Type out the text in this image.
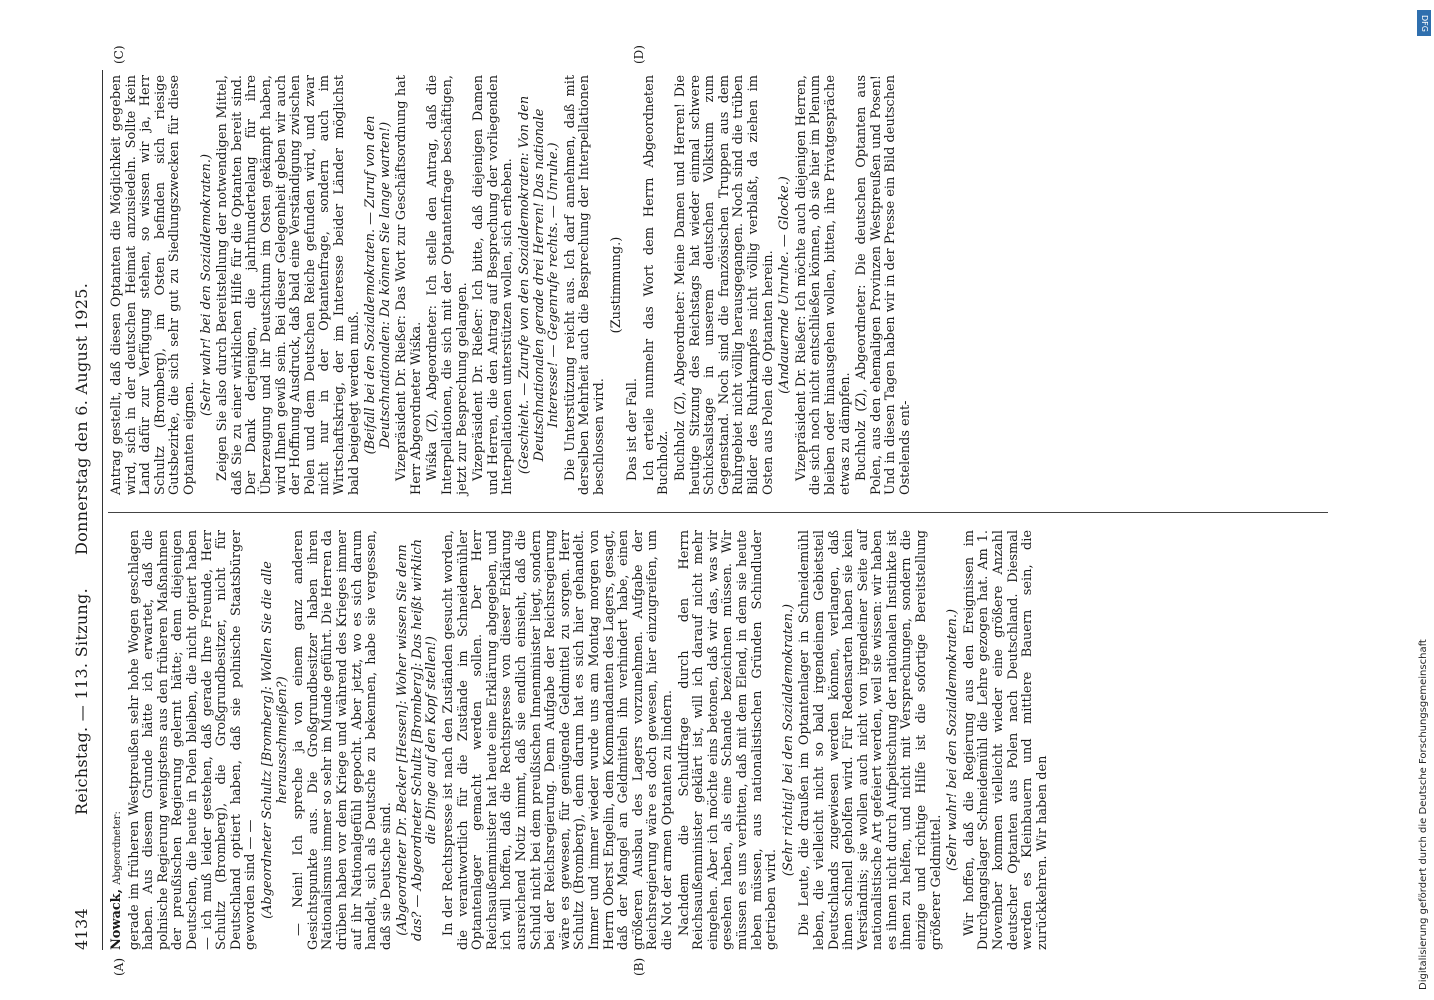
4134
Reichstag. — 113. Sitzung.
Donnerstag den 6. August 1925.
(A)	(B)
(C)	(D)

Nowack, Abgeordneter: gerade im früheren Westpreußen sehr hohe Wogen geschlagen haben. Aus diesem Grunde hätte ich erwartet, daß die polnische Regierung wenigstens aus den früheren Maßnahmen der preußischen Regierung gelernt hätte; denn diejenigen Deutschen, die heute in Polen bleiben, die nicht optiert haben — ich muß leider gestehen, daß gerade Ihre Freunde, Herr Schultz (Bromberg), die Großgrundbesitzer, nicht für Deutschland optiert haben, daß sie polnische Staatsbürger geworden sind — — (Abgeordneter Schultz [Bromberg]: Wollen Sie die alle herausschmeißen?) — Nein! Ich spreche ja von einem ganz anderen Gesichtspunkte aus. Die Großgrundbesitzer haben ihren Nationalismus immer so sehr im Munde geführt. Die Herren da drüben haben vor dem Kriege und während des Krieges immer auf ihr Nationalgefühl gepocht. Aber jetzt, wo es sich darum handelt, sich als Deutsche zu bekennen, habe sie vergessen, daß sie Deutsche sind. (Abgeordneter Dr. Becker [Hessen]: Woher wissen Sie denn das? — Abgeordneter Schultz [Bromberg]: Das heißt wirklich die Dinge auf den Kopf stellen!) In der Rechtspresse ist nach den Zuständen gesucht worden, die verantwortlich für die Zustände im Schneidemühler Optantenlager gemacht werden sollen. Der Herr Reichsaußenminister hat heute eine Erklärung abgegeben, und ich will hoffen, daß die Rechtspresse von dieser Erklärung ausreichend Notiz nimmt, daß sie endlich einsieht, daß die Schuld nicht bei dem preußischen Innenminister liegt, sondern bei der Reichsregierung. Denn Aufgabe der Reichsregierung wäre es gewesen, für genügende Geldmittel zu sorgen. Herr Schultz (Bromberg), denn darum hat es sich hier gehandelt. Immer und immer wieder wurde uns am Montag morgen von Herrn Oberst Engelin, dem Kommandanten des Lagers, gesagt, daß der Mangel an Geldmitteln ihn verhindert habe, einen größeren Ausbau des Lagers vorzunehmen. Aufgabe der Reichsregierung wäre es doch gewesen, hier einzugreifen, um die Not der armen Optanten zu lindern. Nachdem die Schuldfrage durch den Herrn Reichsaußenminister geklärt ist, will ich darauf nicht mehr eingehen. Aber ich möchte eins betonen, daß wir das, was wir gesehen haben, als eine Schande bezeichnen müssen. Wir müssen es uns verbitten, daß mit dem Elend, in dem sie heute leben müssen, aus nationalistischen Gründen Schindluder getrieben wird.

(Sehr richtig! bei den Sozialdemokraten.) Die Leute, die draußen im Optantenlager in Schneidemühl leben, die vielleicht nicht so bald irgendeinem Gebietsteil Deutschlands zugewiesen werden können, verlangen, daß ihnen schnell geholfen wird. Für Redensarten haben sie kein Verständnis; sie wollen auch nicht von irgendeiner Seite auf nationalistische Art gefeiert werden, weil sie wissen: wir haben es ihnen nicht durch Aufpeitschung der nationalen Instinkte ist ihnen zu helfen, und nicht mit Versprechungen, sondern die einzige und richtige Hilfe ist die sofortige Bereitstellung größerer Geldmittel.

(Sehr wahr! bei den Sozialdemokraten.) Wir hoffen, daß die Regierung aus den Ereignissen im Durchgangslager Schneidemühl die Lehre gezogen hat. Am 1. November kommen vielleicht wieder eine größere Anzahl deutscher Optanten aus Polen nach Deutschland. Diesmal werden es Kleinbauern und mittlere Bauern sein, die zurückkehren. Wir haben den

Antrag gestellt, daß diesen Optanten die Möglichkeit gegeben wird, sich in der deutschen Heimat anzusiedeln. Sollte kein Land dafür zur Verfügung stehen, so wissen wir ja, Herr Schultz (Bromberg), im Osten befinden sich riesige Gutsbezirke, die sich sehr gut zu Siedlungszwecken für diese Optanten eignen.

(Sehr wahr! bei den Sozialdemokraten.) Zeigen Sie also durch Bereitstellung der notwendigen Mittel, daß Sie zu einer wirklichen Hilfe für die Optanten bereit sind. Der Dank derjenigen, die jahrhundertelang für ihre Überzeugung und ihr Deutschtum im Osten gekämpft haben, wird Ihnen gewiß sein. Bei dieser Gelegenheit geben wir auch der Hoffnung Ausdruck, daß bald eine Verständigung zwischen Polen und dem Deutschen Reiche gefunden wird, und zwar nicht nur in der Optantenfrage, sondern auch im Wirtschaftskrieg, der im Interesse beider Länder möglichst bald beigelegt werden muß. (Beifall bei den Sozialdemokraten. — Zuruf von den Deutschnationalen: Da können Sie lange warten!) Vizepräsident Dr. Rießer: Das Wort zur Geschäftsordnung hat Herr Abgeordneter Wiśka. Wiśka (Z), Abgeordneter: Ich stelle den Antrag, daß die Interpellationen, die sich mit der Optantenfrage beschäftigen, jetzt zur Besprechung gelangen. Vizepräsident Dr. Rießer: Ich bitte, daß diejenigen Damen und Herren, die den Antrag auf Besprechung der vorliegenden Interpellationen unterstützen wollen, sich erheben. (Geschieht. — Zurufe von den Sozialdemokraten: Von den Deutschnationalen gerade drei Herren! Das nationale Interesse! — Gegenrufe rechts. — Unruhe.) Die Unterstützung reicht aus. Ich darf annehmen, daß mit derselben Mehrheit auch die Besprechung der Interpellationen beschlossen wird.

(Zustimmung.)

Das ist der Fall. Ich erteile nunmehr das Wort dem Herrn Abgeordneten Buchholz. Buchholz (Z), Abgeordneter: Meine Damen und Herren! Die heutige Sitzung des Reichstags hat wieder einmal schwere Schicksalstage in unserem deutschen Volkstum zum Gegenstand. Noch sind die französischen Truppen aus dem Ruhrgebiet nicht völlig herausgegangen. Noch sind die trüben Bilder des Ruhrkampfes nicht völlig verblaßt, da ziehen im Osten aus Polen die Optanten herein. (Andauernde Unruhe. — Glocke.) Vizepräsident Dr. Rießer: Ich möchte auch diejenigen Herren, die sich noch nicht entschließen können, ob sie hier im Plenum bleiben oder hinausgehen wollen, bitten, ihre Privatgespräche etwas zu dämpfen. Buchholz (Z), Abgeordneter: Die deutschen Optanten aus Polen, aus den ehemaligen Provinzen Westpreußen und Posen! Und in diesen Tagen haben wir in der Presse ein Bild deutschen Ostelends ent-

DFG
Digitalisierung gefördert durch die Deutsche Forschungsgemeinschaft
